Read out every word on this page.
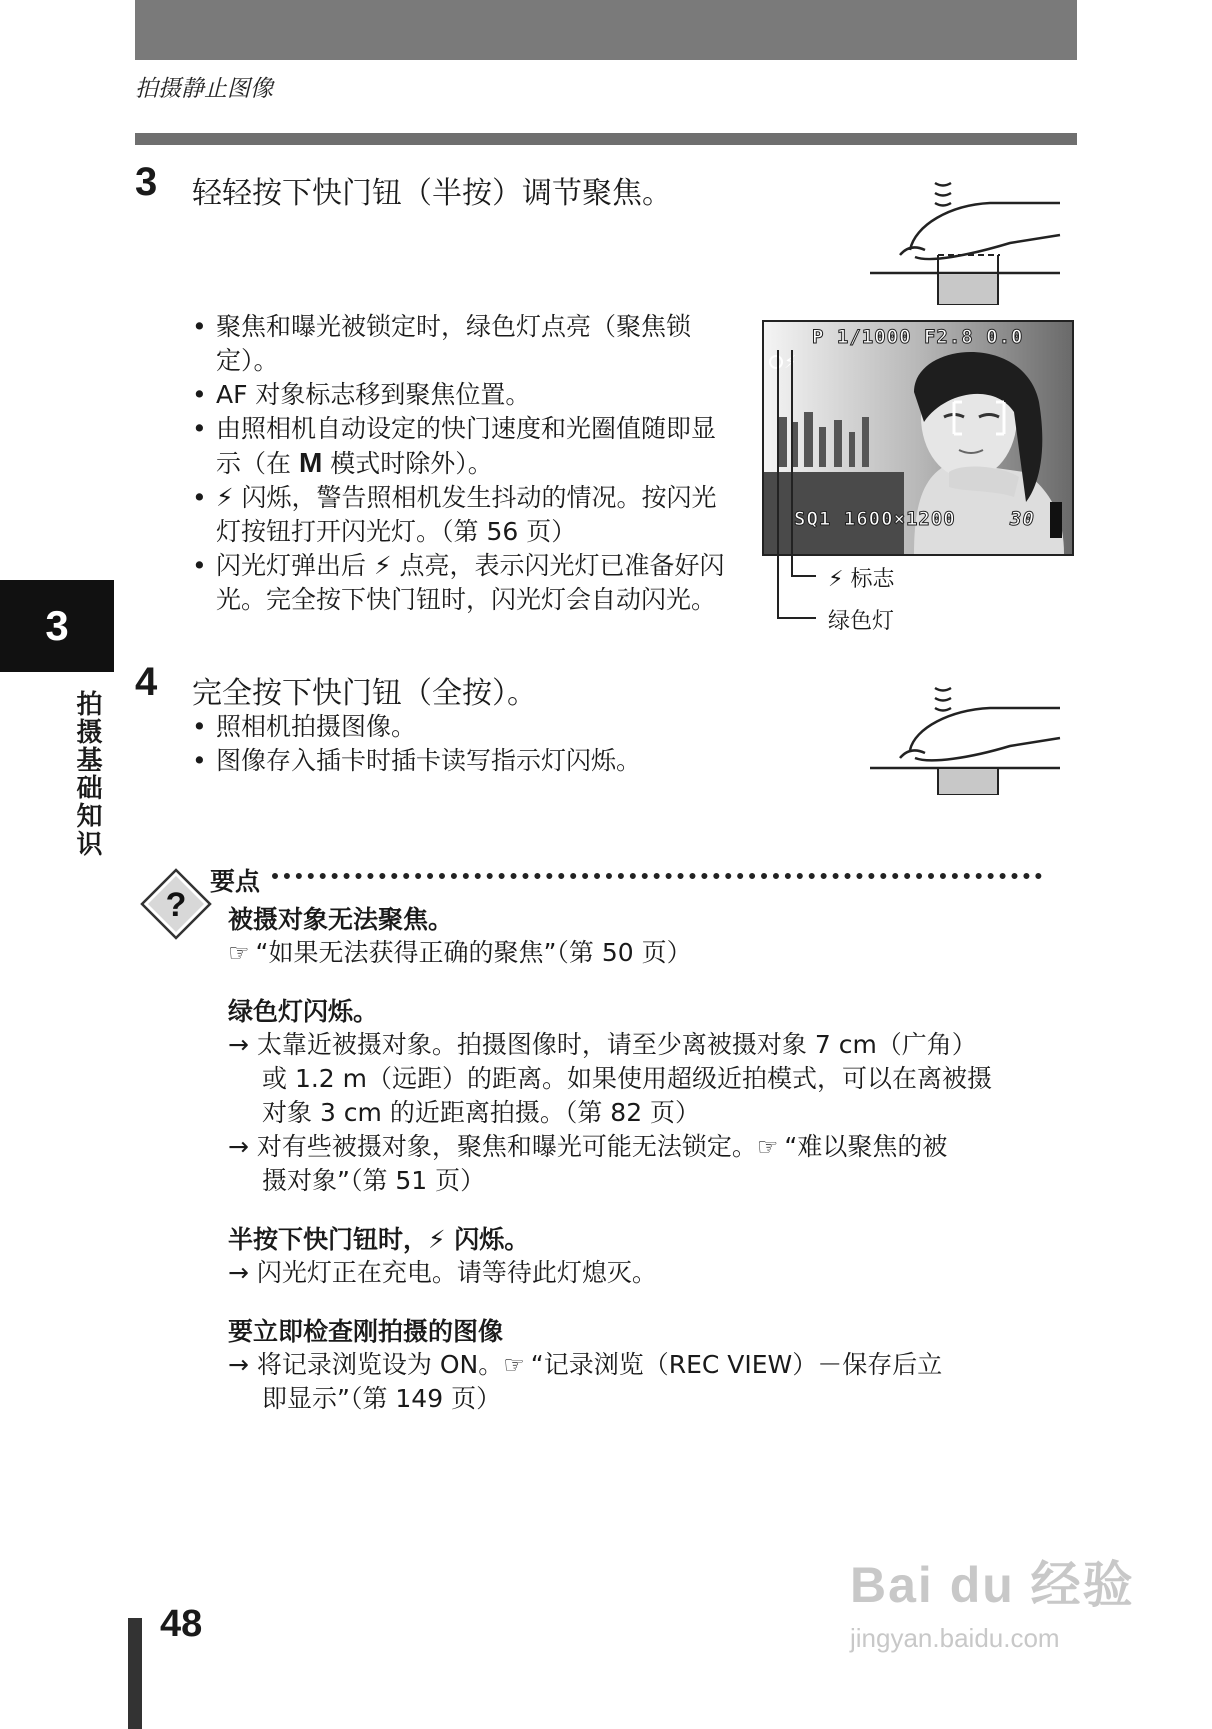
拍摄静止图像
3
拍摄基础知识
3 轻轻按下快门钮（半按）调节聚焦。
• 聚焦和曝光被锁定时，绿色灯点亮（聚焦锁定）。
• AF 对象标志移到聚焦位置。
• 由照相机自动设定的快门速度和光圈值随即显示（在 M 模式时除外）。
• ⚡ 闪烁，警告照相机发生抖动的情况。按闪光灯按钮打开闪光灯。（第 56 页）
• 闪光灯弹出后 ⚡ 点亮，表示闪光灯已准备好闪光。完全按下快门钮时，闪光灯会自动闪光。
P 1/1000 F2.8 0.0
SQ1 1600×1200	30
⚡
⚡ 标志
绿色灯
4 完全按下快门钮（全按）。
• 照相机拍摄图像。
• 图像存入插卡时插卡读写指示灯闪烁。
?
要点
被摄对象无法聚焦。
☞ “如果无法获得正确的聚焦”（第 50 页）
绿色灯闪烁。
→ 太靠近被摄对象。拍摄图像时，请至少离被摄对象 7 cm（广角）
或 1.2 m（远距）的距离。如果使用超级近拍模式，可以在离被摄
对象 3 cm 的近距离拍摄。（第 82 页）
→ 对有些被摄对象，聚焦和曝光可能无法锁定。☞ “难以聚焦的被
摄对象”（第 51 页）
半按下快门钮时，⚡ 闪烁。
→ 闪光灯正在充电。请等待此灯熄灭。
要立即检查刚拍摄的图像
→ 将记录浏览设为 ON。☞ “记录浏览（REC VIEW）－保存后立
即显示”（第 149 页）
48
Bai du 经验
jingyan.baidu.com
